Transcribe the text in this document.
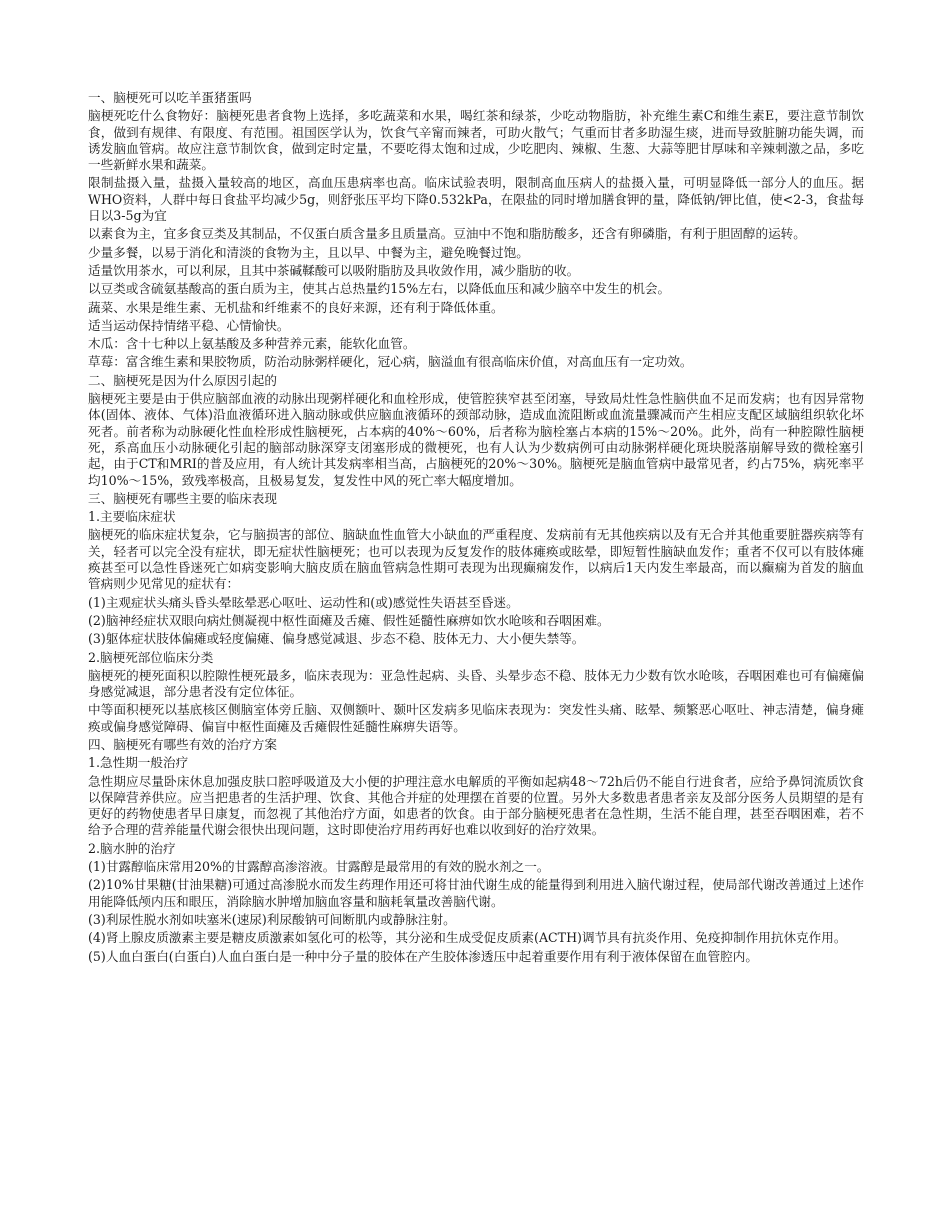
一、脑梗死可以吃羊蛋猪蛋吗

脑梗死吃什么食物好：脑梗死患者食物上选择，多吃蔬菜和水果，喝红茶和绿茶，少吃动物脂肪，补充维生素C和维生素E，要注意节制饮食，做到有规律、有限度、有范围。祖国医学认为，饮食气辛甯而辣者，可助火散气；气重而甘者多助湿生痰，进而导致脏腑功能失调，而诱发脑血管病。故应注意节制饮食，做到定时定量，不要吃得太饱和过成，少吃肥肉、辣椒、生葱、大蒜等肥甘厚味和辛辣刺激之品，多吃一些新鲜水果和蔬菜。

限制盐摄入量，盐摄入量较高的地区，高血压患病率也高。临床试验表明，限制高血压病人的盐摄入量，可明显降低一部分人的血压。据WHO资料，人群中每日食盐平均减少5g，则舒张压平均下降0.532kPa，在限盐的同时增加膳食钾的量，降低钠/钾比值，使<2-3，食盐每日以3-5g为宜

以素食为主，宜多食豆类及其制品，不仅蛋白质含量多且质量高。豆油中不饱和脂肪酸多，还含有卵磷脂，有利于胆固醇的运转。

少量多餐，以易于消化和清淡的食物为主，且以早、中餐为主，避免晚餐过饱。

适量饮用茶水，可以利尿，且其中茶碱鞣酸可以吸附脂肪及具收敛作用，减少脂肪的收。

以豆类或含硫氨基酸高的蛋白质为主，使其占总热量约15%左右，以降低血压和减少脑卒中发生的机会。

蔬菜、水果是维生素、无机盐和纤维素不的良好来源，还有利于降低体重。

适当运动保持情绪平稳、心情愉快。

木瓜：含十七种以上氨基酸及多种营养元素，能软化血管。

草莓：富含维生素和果胶物质，防治动脉粥样硬化，冠心病，脑溢血有很高临床价值，对高血压有一定功效。

二、脑梗死是因为什么原因引起的

脑梗死主要是由于供应脑部血液的动脉出现粥样硬化和血栓形成，使管腔狭窄甚至闭塞，导致局灶性急性脑供血不足而发病；也有因异常物体(固体、液体、气体)沿血液循环进入脑动脉或供应脑血液循环的颈部动脉，造成血流阻断或血流量骤减而产生相应支配区域脑组织软化坏死者。前者称为动脉硬化性血栓形成性脑梗死，占本病的40%～60%，后者称为脑栓塞占本病的15%～20%。此外，尚有一种腔隙性脑梗死，系高血压小动脉硬化引起的脑部动脉深穿支闭塞形成的微梗死，也有人认为少数病例可由动脉粥样硬化斑块脱落崩解导致的微栓塞引起，由于CT和MRI的普及应用，有人统计其发病率相当高，占脑梗死的20%～30%。脑梗死是脑血管病中最常见者，约占75%，病死率平均10%～15%，致残率极高，且极易复发，复发性中风的死亡率大幅度增加。

三、脑梗死有哪些主要的临床表现

1.主要临床症状

脑梗死的临床症状复杂，它与脑损害的部位、脑缺血性血管大小缺血的严重程度、发病前有无其他疾病以及有无合并其他重要脏器疾病等有关，轻者可以完全没有症状，即无症状性脑梗死；也可以表现为反复发作的肢体瘫痪或眩晕，即短暂性脑缺血发作；重者不仅可以有肢体瘫痪甚至可以急性昏迷死亡如病变影响大脑皮质在脑血管病急性期可表现为出现癫痫发作，以病后1天内发生率最高，而以癫痫为首发的脑血管病则少见常见的症状有：

(1)主观症状头痛头昏头晕眩晕恶心呕吐、运动性和(或)感觉性失语甚至昏迷。

(2)脑神经症状双眼向病灶侧凝视中枢性面瘫及舌瘫、假性延髓性麻痹如饮水呛咳和吞咽困难。

(3)躯体症状肢体偏瘫或轻度偏瘫、偏身感觉减退、步态不稳、肢体无力、大小便失禁等。

2.脑梗死部位临床分类

脑梗死的梗死面积以腔隙性梗死最多，临床表现为：亚急性起病、头昏、头晕步态不稳、肢体无力少数有饮水呛咳，吞咽困难也可有偏瘫偏身感觉减退，部分患者没有定位体征。

中等面积梗死以基底核区侧脑室体旁丘脑、双侧额叶、颞叶区发病多见临床表现为：突发性头痛、眩晕、频繁恶心呕吐、神志清楚，偏身瘫痪或偏身感觉障碍、偏盲中枢性面瘫及舌瘫假性延髓性麻痹失语等。

四、脑梗死有哪些有效的治疗方案

1.急性期一般治疗

急性期应尽量卧床休息加强皮肤口腔呼吸道及大小便的护理注意水电解质的平衡如起病48～72h后仍不能自行进食者，应给予鼻饲流质饮食以保障营养供应。应当把患者的生活护理、饮食、其他合并症的处理摆在首要的位置。另外大多数患者患者亲友及部分医务人员期望的是有更好的药物使患者早日康复，而忽视了其他治疗方面，如患者的饮食。由于部分脑梗死患者在急性期，生活不能自理，甚至吞咽困难，若不给予合理的营养能量代谢会很快出现问题，这时即使治疗用药再好也难以收到好的治疗效果。

2.脑水肿的治疗

(1)甘露醇临床常用20%的甘露醇高渗溶液。甘露醇是最常用的有效的脱水剂之一。

(2)10%甘果糖(甘油果糖)可通过高渗脱水而发生药理作用还可将甘油代谢生成的能量得到利用进入脑代谢过程，使局部代谢改善通过上述作用能降低颅内压和眼压，消除脑水肿增加脑血容量和脑耗氧量改善脑代谢。

(3)利尿性脱水剂如呋塞米(速尿)利尿酸钠可间断肌内或静脉注射。

(4)肾上腺皮质激素主要是糖皮质激素如氢化可的松等，其分泌和生成受促皮质素(ACTH)调节具有抗炎作用、免疫抑制作用抗休克作用。

(5)人血白蛋白(白蛋白)人血白蛋白是一种中分子量的胶体在产生胶体渗透压中起着重要作用有利于液体保留在血管腔内。
